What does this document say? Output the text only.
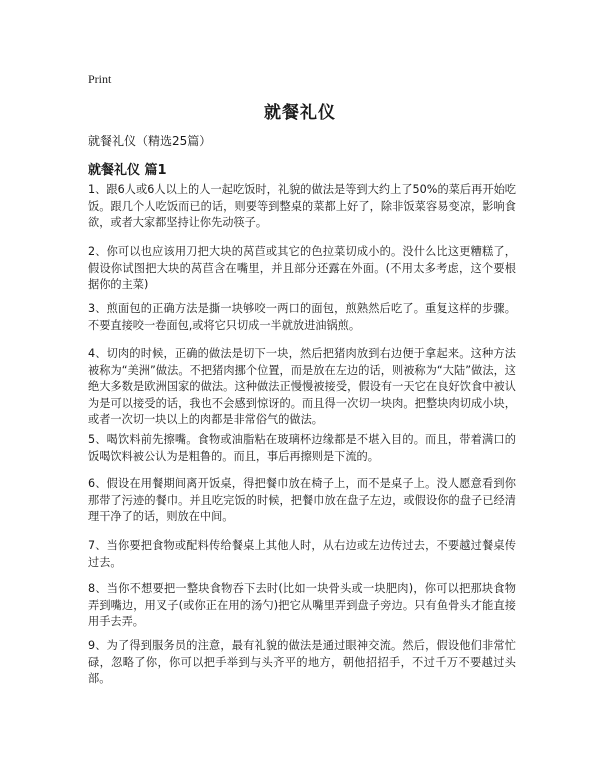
Print
就餐礼仪
就餐礼仪（精选25篇）
就餐礼仪 篇1

1、跟6人或6人以上的人一起吃饭时，礼貌的做法是等到大约上了50%的菜后再开始吃饭。跟几个人吃饭而已的话，则要等到整桌的菜都上好了，除非饭菜容易变凉，影响食欲，或者大家都坚持让你先动筷子。

2、你可以也应该用刀把大块的莴苣或其它的色拉菜切成小的。没什么比这更糟糕了，假设你试图把大块的莴苣含在嘴里，并且部分还露在外面。(不用太多考虑，这个要根据你的主菜)

3、煎面包的正确方法是撕一块够咬一两口的面包，煎熟然后吃了。重复这样的步骤。不要直接咬一卷面包,或将它只切成一半就放进油锅煎。

4、切肉的时候，正确的做法是切下一块，然后把猪肉放到右边便于拿起来。这种方法被称为“美洲”做法。不把猪肉挪个位置，而是放在左边的话，则被称为“大陆”做法，这绝大多数是欧洲国家的做法。这种做法正慢慢被接受，假设有一天它在良好饮食中被认为是可以接受的话，我也不会感到惊讶的。而且得一次切一块肉。把整块肉切成小块，或者一次切一块以上的肉都是非常俗气的做法。

5、喝饮料前先擦嘴。食物或油脂粘在玻璃杯边缘都是不堪入目的。而且，带着满口的饭喝饮料被公认为是粗鲁的。而且，事后再擦则是下流的。

6、假设在用餐期间离开饭桌，得把餐巾放在椅子上，而不是桌子上。没人愿意看到你那带了污迹的餐巾。并且吃完饭的时候，把餐巾放在盘子左边，或假设你的盘子已经清理干净了的话，则放在中间。

7、当你要把食物或配料传给餐桌上其他人时，从右边或左边传过去，不要越过餐桌传过去。

8、当你不想要把一整块食物吞下去时(比如一块骨头或一块肥肉)，你可以把那块食物弄到嘴边，用叉子(或你正在用的汤勺)把它从嘴里弄到盘子旁边。只有鱼骨头才能直接用手去弄。

9、为了得到服务员的注意，最有礼貌的做法是通过眼神交流。然后，假设他们非常忙碌，忽略了你，你可以把手举到与头齐平的地方，朝他招招手，不过千万不要越过头部。
